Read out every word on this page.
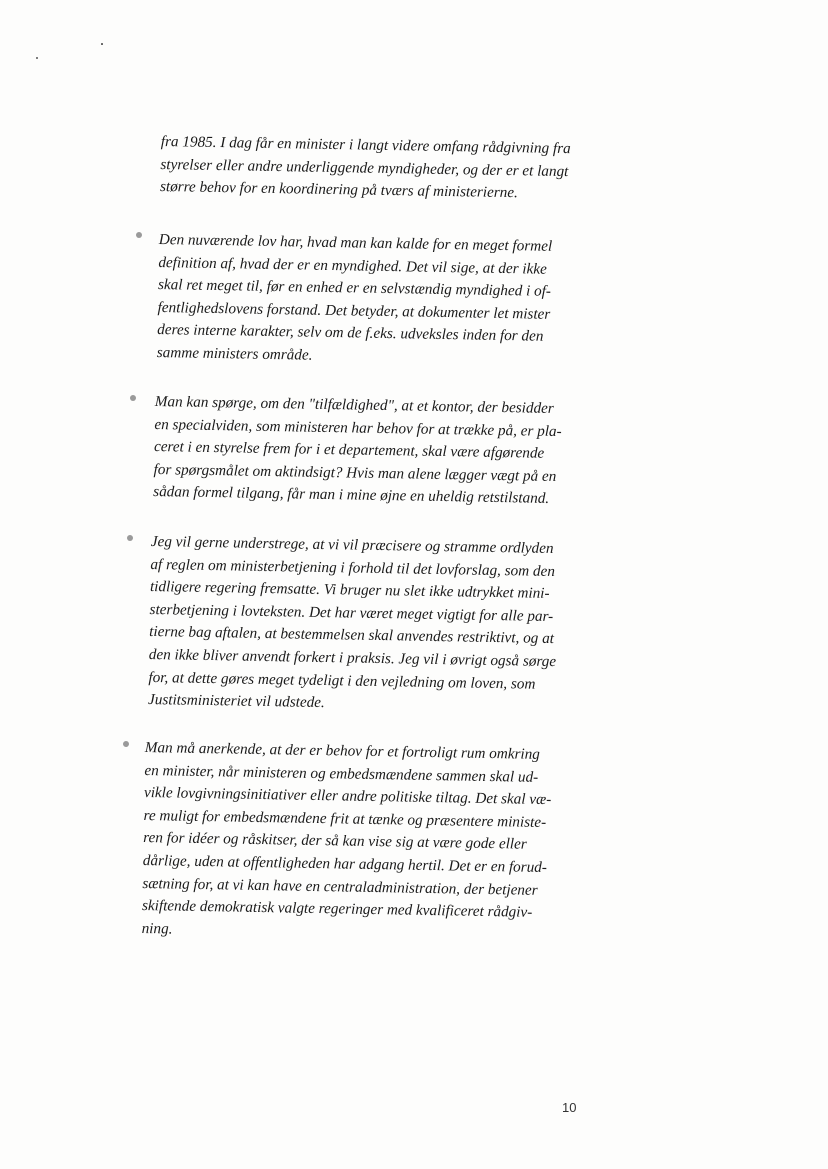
fra 1985. I dag får en minister i langt videre omfang rådgivning fra
styrelser eller andre underliggende myndigheder, og der er et langt
større behov for en koordinering på tværs af ministerierne.
Den nuværende lov har, hvad man kan kalde for en meget formel
definition af, hvad der er en myndighed. Det vil sige, at der ikke
skal ret meget til, før en enhed er en selvstændig myndighed i of-
fentlighedslovens forstand. Det betyder, at dokumenter let mister
deres interne karakter, selv om de f.eks. udveksles inden for den
samme ministers område.
Man kan spørge, om den "tilfældighed", at et kontor, der besidder
en specialviden, som ministeren har behov for at trække på, er pla-
ceret i en styrelse frem for i et departement, skal være afgørende
for spørgsmålet om aktindsigt? Hvis man alene lægger vægt på en
sådan formel tilgang, får man i mine øjne en uheldig retstilstand.
Jeg vil gerne understrege, at vi vil præcisere og stramme ordlyden
af reglen om ministerbetjening i forhold til det lovforslag, som den
tidligere regering fremsatte. Vi bruger nu slet ikke udtrykket mini-
sterbetjening i lovteksten. Det har været meget vigtigt for alle par-
tierne bag aftalen, at bestemmelsen skal anvendes restriktivt, og at
den ikke bliver anvendt forkert i praksis. Jeg vil i øvrigt også sørge
for, at dette gøres meget tydeligt i den vejledning om loven, som
Justitsministeriet vil udstede.
Man må anerkende, at der er behov for et fortroligt rum omkring
en minister, når ministeren og embedsmændene sammen skal ud-
vikle lovgivningsinitiativer eller andre politiske tiltag. Det skal væ-
re muligt for embedsmændene frit at tænke og præsentere ministe-
ren for idéer og råskitser, der så kan vise sig at være gode eller
dårlige, uden at offentligheden har adgang hertil. Det er en forud-
sætning for, at vi kan have en centraladministration, der betjener
skiftende demokratisk valgte regeringer med kvalificeret rådgiv-
ning.
10
